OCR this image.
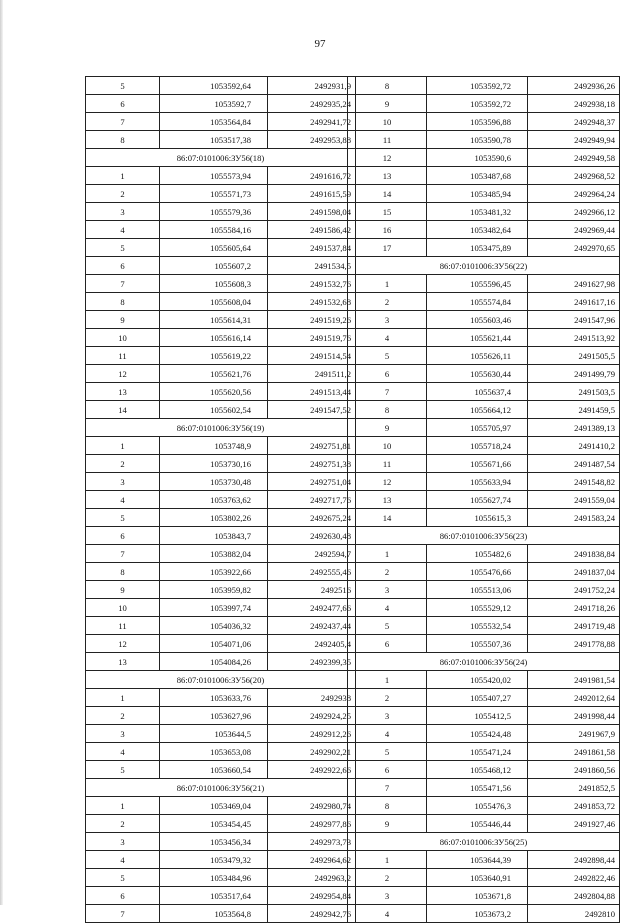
97
5	1053592,64	2492931,9
6	1053592,7	2492935,24
7	1053564,84	2492941,72
8	1053517,38	2492953,88
86:07:0101006:ЗУ56(18)		
1	1055573,94	2491616,72
2	1055571,73	2491615,59
3	1055579,36	2491598,04
4	1055584,16	2491586,42
5	1055605,64	2491537,84
6	1055607,2	2491534,5
7	1055608,3	2491532,76
8	1055608,04	2491532,68
9	1055614,31	2491519,26
10	1055616,14	2491519,76
11	1055619,22	2491514,54
12	1055621,76	2491511,2
13	1055620,56	2491513,44
14	1055602,54	2491547,52
86:07:0101006:ЗУ56(19)		
1	1053748,9	2492751,81
2	1053730,16	2492751,38
3	1053730,48	2492751,04
4	1053763,62	2492717,76
5	1053802,26	2492675,24
6	1053843,7	2492630,48
7	1053882,04	2492594,7
8	1053922,66	2492555,46
9	1053959,82	2492516
10	1053997,74	2492477,66
11	1054036,32	2492437,44
12	1054071,06	2492405,4
13	1054084,26	2492399,35
86:07:0101006:ЗУ56(20)		
1	1053633,76	2492938
2	1053627,96	2492924,25
3	1053644,5	2492912,26
4	1053653,08	2492902,21
5	1053660,54	2492922,66
86:07:0101006:ЗУ56(21)		
1	1053469,04	2492980,74
2	1053454,45	2492977,86
3	1053456,34	2492973,73
4	1053479,32	2492964,62
5	1053484,96	2492963,2
6	1053517,64	2492954,84
7	1053564,8	2492942,76
8	1053592,72	2492936,26
9	1053592,72	2492938,18
10	1053596,88	2492948,37
11	1053590,78	2492949,94
12	1053590,6	2492949,58
13	1053487,68	2492968,52
14	1053485,94	2492964,24
15	1053481,32	2492966,12
16	1053482,64	2492969,44
17	1053475,89	2492970,65
86:07:0101006:ЗУ56(22)		
1	1055596,45	2491627,98
2	1055574,84	2491617,16
3	1055603,46	2491547,96
4	1055621,44	2491513,92
5	1055626,11	2491505,5
6	1055630,44	2491499,79
7	1055637,4	2491503,5
8	1055664,12	2491459,5
9	1055705,97	2491389,13
10	1055718,24	2491410,2
11	1055671,66	2491487,54
12	1055633,94	2491548,82
13	1055627,74	2491559,04
14	1055615,3	2491583,24
86:07:0101006:ЗУ56(23)		
1	1055482,6	2491838,84
2	1055476,66	2491837,04
3	1055513,06	2491752,24
4	1055529,12	2491718,26
5	1055532,54	2491719,48
6	1055507,36	2491778,88
86:07:0101006:ЗУ56(24)		
1	1055420,02	2491981,54
2	1055407,27	2492012,64
3	1055412,5	2491998,44
4	1055424,48	2491967,9
5	1055471,24	2491861,58
6	1055468,12	2491860,56
7	1055471,56	2491852,5
8	1055476,3	2491853,72
9	1055446,44	2491927,46
86:07:0101006:ЗУ56(25)		
1	1053644,39	2492898,44
2	1053640,91	2492822,46
3	1053671,8	2492804,88
4	1053673,2	2492810
